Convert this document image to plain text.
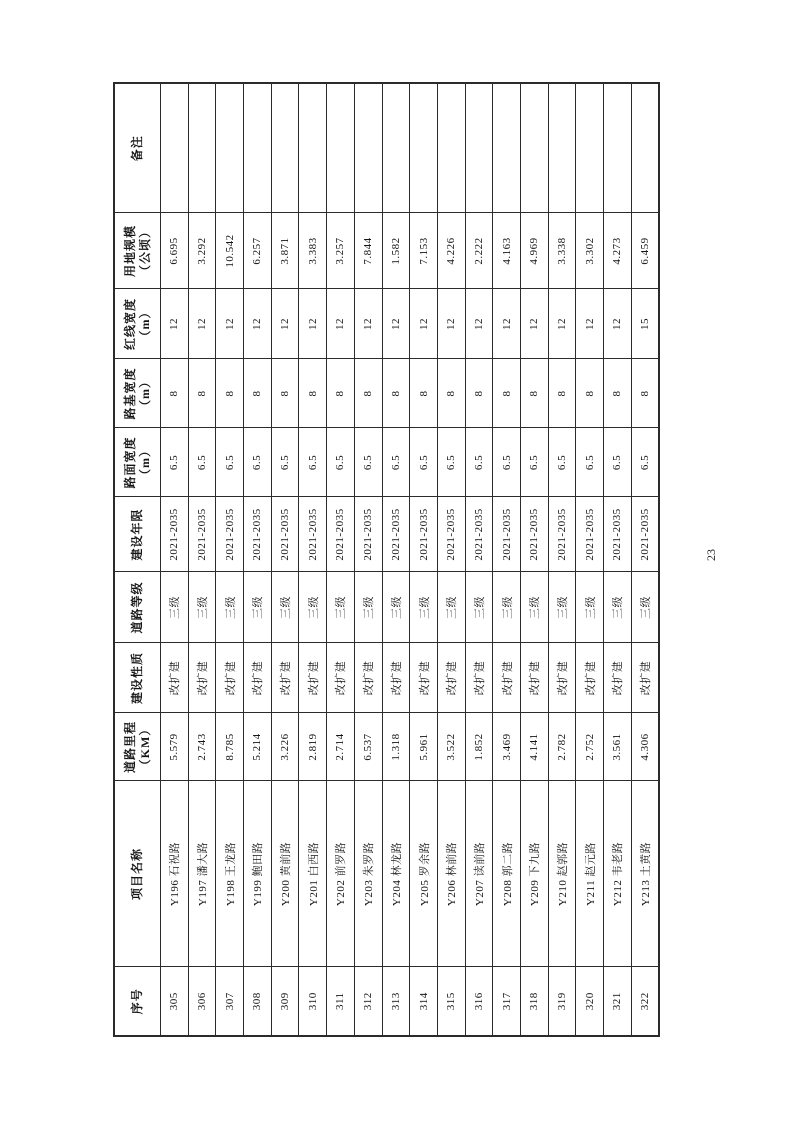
序号	项目名称	道路里程 （KM）	建设性质	道路等级	建设年限	路面宽度 （m）	路基宽度 （m）	红线宽度 （m）	用地规模 （公顷）	备注

305	Y196 石祝路	5.579	改扩建	三级	2021-2035	6.5	8	12	6.695	
306	Y197 潘大路	2.743	改扩建	三级	2021-2035	6.5	8	12	3.292	
307	Y198 王龙路	8.785	改扩建	三级	2021-2035	6.5	8	12	10.542	
308	Y199 鲍田路	5.214	改扩建	三级	2021-2035	6.5	8	12	6.257	
309	Y200 黄前路	3.226	改扩建	三级	2021-2035	6.5	8	12	3.871	
310	Y201 白西路	2.819	改扩建	三级	2021-2035	6.5	8	12	3.383	
311	Y202 前罗路	2.714	改扩建	三级	2021-2035	6.5	8	12	3.257	
312	Y203 朱罗路	6.537	改扩建	三级	2021-2035	6.5	8	12	7.844	
313	Y204 林龙路	1.318	改扩建	三级	2021-2035	6.5	8	12	1.582	
314	Y205 罗余路	5.961	改扩建	三级	2021-2035	6.5	8	12	7.153	
315	Y206 林前路	3.522	改扩建	三级	2021-2035	6.5	8	12	4.226	
316	Y207 读前路	1.852	改扩建	三级	2021-2035	6.5	8	12	2.222	
317	Y208 郭二路	3.469	改扩建	三级	2021-2035	6.5	8	12	4.163	
318	Y209 下九路	4.141	改扩建	三级	2021-2035	6.5	8	12	4.969	
319	Y210 赵郭路	2.782	改扩建	三级	2021-2035	6.5	8	12	3.338	
320	Y211 赵元路	2.752	改扩建	三级	2021-2035	6.5	8	12	3.302	
321	Y212 韦老路	3.561	改扩建	三级	2021-2035	6.5	8	12	4.273	
322	Y213 土黄路	4.306	改扩建	三级	2021-2035	6.5	8	15	6.459	
23
